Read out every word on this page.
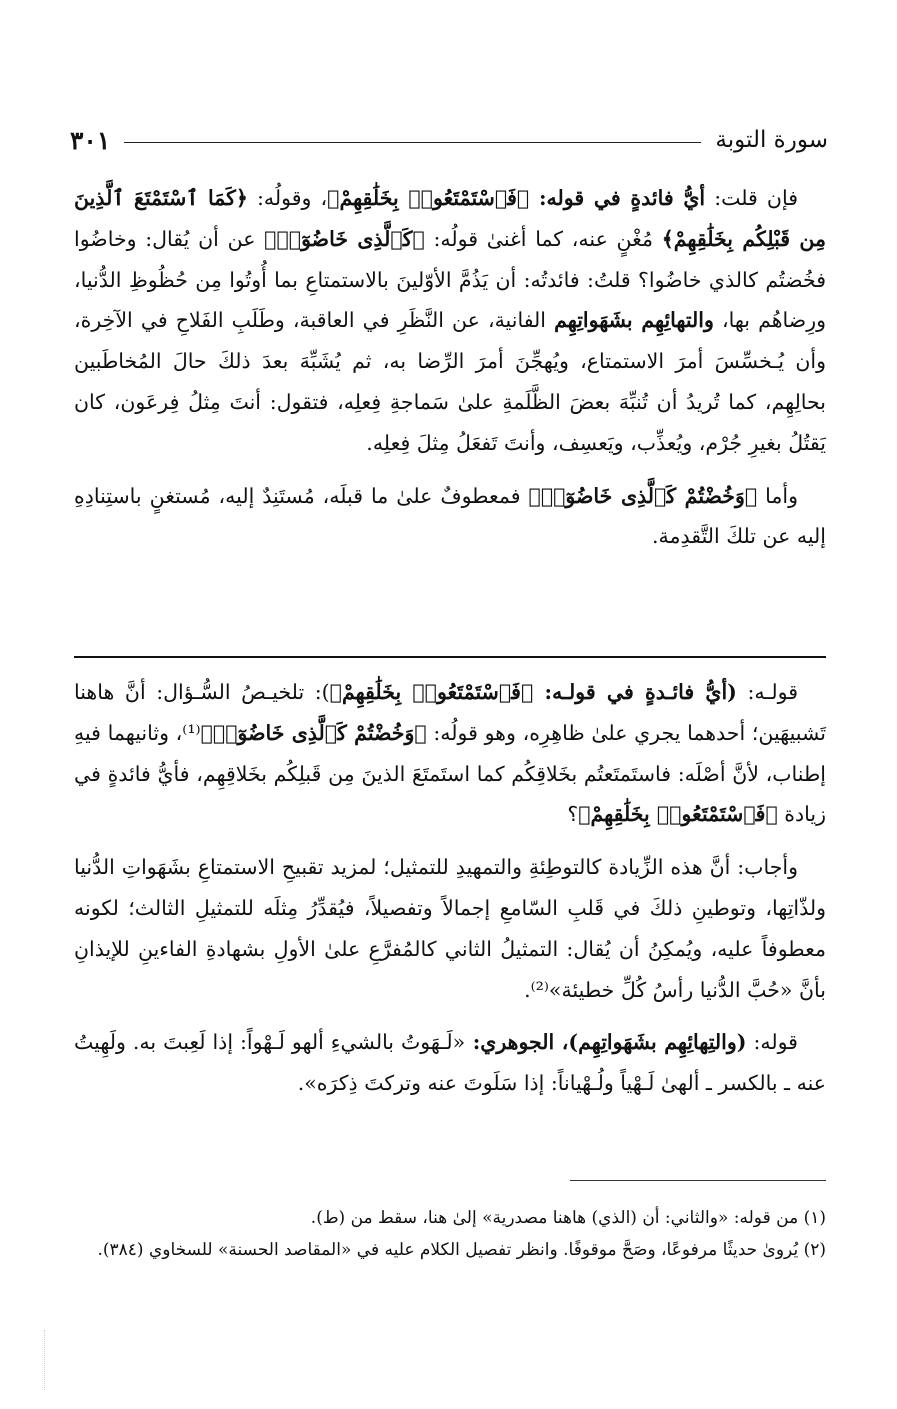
سورة التوبة
٣٠١

فإن قلت: أيُّ فائدةٍ في قوله: ﴿فَٱسْتَمْتَعُوا۟ بِخَلَٰقِهِمْ﴾، وقولُه: ﴿كَمَا ٱسْتَمْتَعَ ٱلَّذِينَ مِن قَبْلِكُم بِخَلَٰقِهِمْ﴾ مُغْنٍ عنه، كما أغنىٰ قولُه: ﴿كَٱلَّذِى خَاضُوٓا۟﴾ عن أن يُقال: وخاضُوا فخُضتُم كالذي خاضُوا؟ قلتُ: فائدتُه: أن يَذُمَّ الأوّلينَ بالاستمتاعِ بما أُوتُوا مِن حُظُوظِ الدُّنيا، ورِضاهُم بها، والتهائِهِم بشَهَواتِهِم الفانية، عن النَّظَرِ في العاقبة، وطَلَبِ الفَلاحِ في الآخِرة، وأن يُـخسِّسَ أمرَ الاستمتاع، ويُهجِّنَ أمرَ الرِّضا به، ثم يُشَبِّهَ بعدَ ذلكَ حالَ المُخاطَبين بحالِهِم، كما تُريدُ أن تُنبِّهَ بعضَ الظَّلَمةِ علىٰ سَماجةِ فِعلِه، فتقول: أنتَ مِثلُ فِرعَون، كان يَقتُلُ بغيرِ جُرْم، ويُعذِّب، ويَعسِف، وأنتَ تَفعَلُ مِثلَ فِعلِه.

وأما ﴿وَخُضْتُمْ كَٱلَّذِى خَاضُوٓا۟﴾ فمعطوفٌ علىٰ ما قبلَه، مُستَنِدٌ إليه، مُستغنٍ باستِنادِهِ إليه عن تلكَ التَّقدِمة.

قولـه: (أيُّ فائـدةٍ في قولـه: ﴿فَٱسْتَمْتَعُوا۟ بِخَلَٰقِهِمْ﴾): تلخيـصُ السُّـؤال: أنَّ هاهنا تَشبيهَين؛ أحدهما يجري علىٰ ظاهِرِه، وهو قولُه: ﴿وَخُضْتُمْ كَٱلَّذِى خَاضُوٓا۟﴾⁽¹⁾، وثانيهما فيهِ إطناب، لأنَّ أصْلَه: فاستَمتَعتُم بخَلاقِكُم كما استَمتَعَ الذينَ مِن قَبلِكُم بخَلاقِهِم، فأيُّ فائدةٍ في زيادة ﴿فَٱسْتَمْتَعُوا۟ بِخَلَٰقِهِمْ﴾؟

وأجاب: أنَّ هذه الزِّيادة كالتوطِئةِ والتمهيدِ للتمثيل؛ لمزيد تقبيحِ الاستمتاعِ بشَهَواتِ الدُّنيا ولذّاتِها، وتوطينِ ذلكَ في قَلبِ السّامعِ إجمالاً وتفصيلاً، فيُقدِّرُ مِثلَه للتمثيلِ الثالث؛ لكونه معطوفاً عليه، ويُمكِنُ أن يُقال: التمثيلُ الثاني كالمُفرَّعِ علىٰ الأولِ بشهادةِ الفاءينِ للإيذانِ بأنَّ «حُبَّ الدُّنيا رأسُ كُلِّ خطيئة»⁽²⁾.

قوله: (والتِهائِهِم بشَهَواتِهِم)، الجوهري: «لَـهَوتُ بالشيءِ ألهو لَـهْواً: إذا لَعِبتَ به. ولَهِيتُ عنه ـ بالكسر ـ ألهىٰ لَـهْياً ولُـهْياناً: إذا سَلَوتَ عنه وتركتَ ذِكرَه».

(١) من قوله: «والثاني: أن (الذي) هاهنا مصدرية» إلىٰ هنا، سقط من (ط).

(٢) يُروىٰ حديثًا مرفوعًا، وصَحَّ موقوفًا. وانظر تفصيل الكلام عليه في «المقاصد الحسنة» للسخاوي (٣٨٤).
